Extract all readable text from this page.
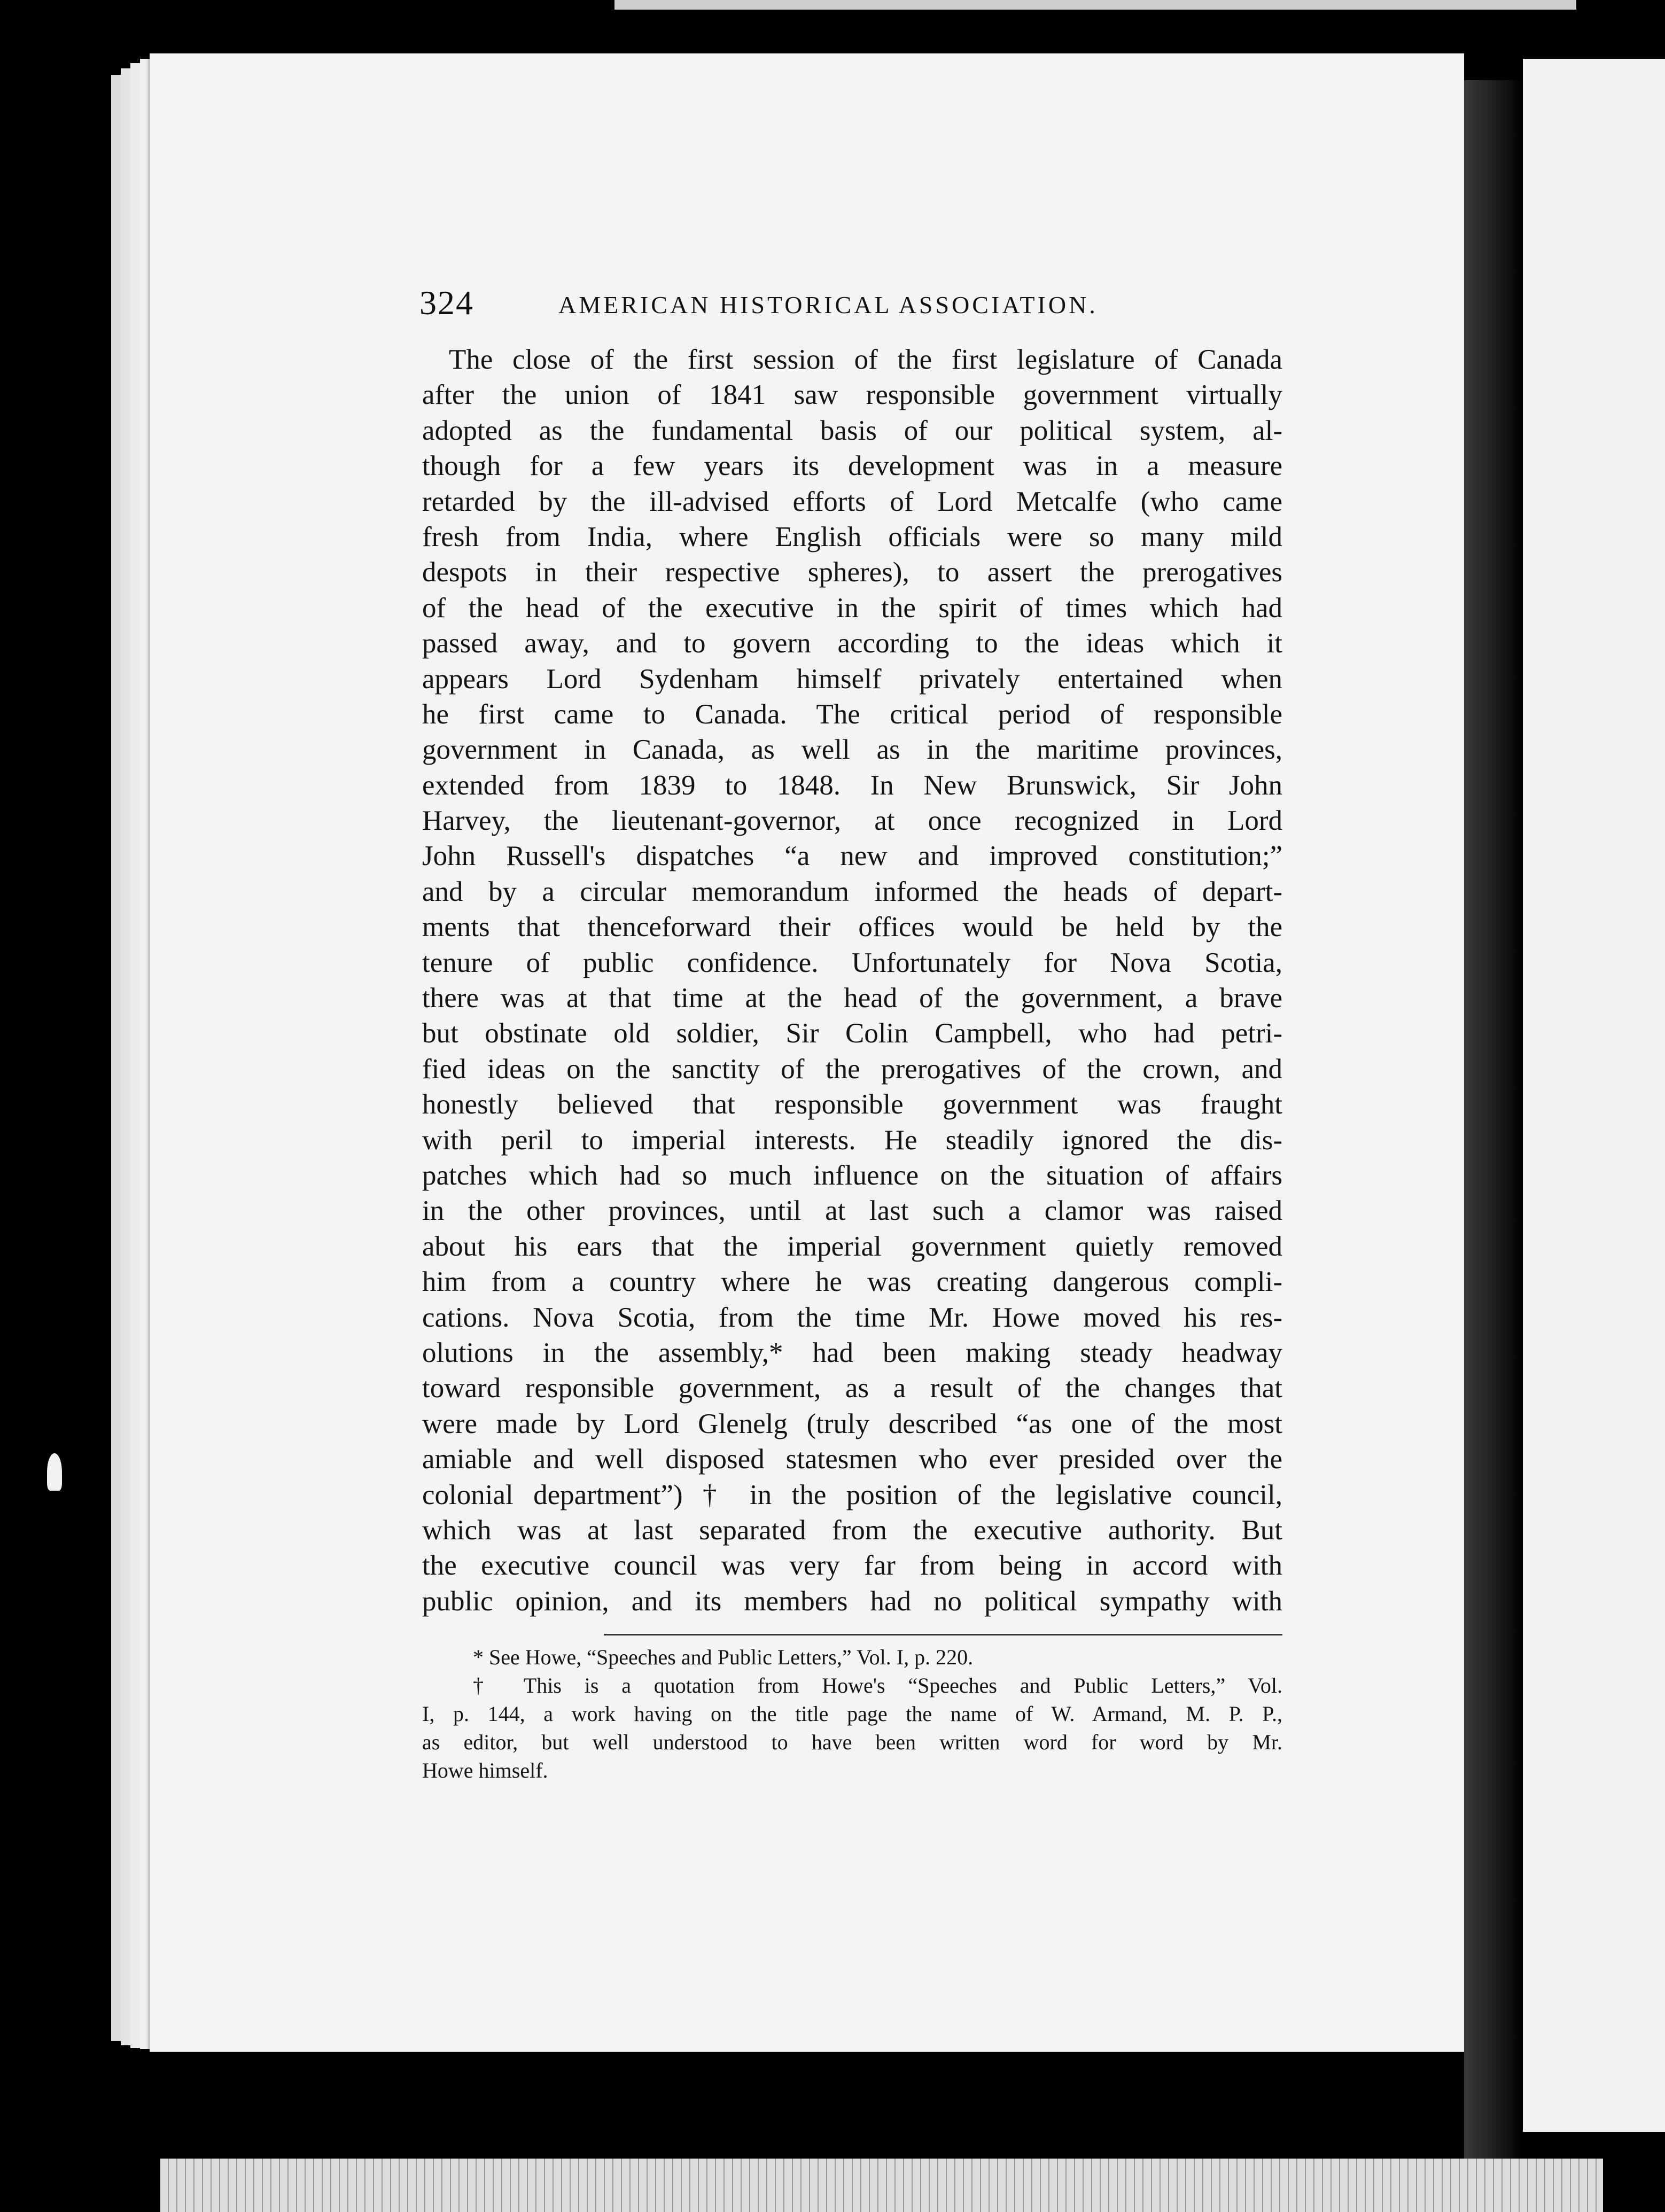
324	AMERICAN HISTORICAL ASSOCIATION.
The close of the first session of the first legislature of Canada
after the union of 1841 saw responsible government virtually
adopted as the fundamental basis of our political system, al-
though for a few years its development was in a measure
retarded by the ill-advised efforts of Lord Metcalfe (who came
fresh from India, where English officials were so many mild
despots in their respective spheres), to assert the prerogatives
of the head of the executive in the spirit of times which had
passed away, and to govern according to the ideas which it
appears Lord Sydenham himself privately entertained when
he first came to Canada. The critical period of responsible
government in Canada, as well as in the maritime provinces,
extended from 1839 to 1848. In New Brunswick, Sir John
Harvey, the lieutenant-governor, at once recognized in Lord
John Russell's dispatches “a new and improved constitution;”
and by a circular memorandum informed the heads of depart-
ments that thenceforward their offices would be held by the
tenure of public confidence. Unfortunately for Nova Scotia,
there was at that time at the head of the government, a brave
but obstinate old soldier, Sir Colin Campbell, who had petri-
fied ideas on the sanctity of the prerogatives of the crown, and
honestly believed that responsible government was fraught
with peril to imperial interests. He steadily ignored the dis-
patches which had so much influence on the situation of affairs
in the other provinces, until at last such a clamor was raised
about his ears that the imperial government quietly removed
him from a country where he was creating dangerous compli-
cations. Nova Scotia, from the time Mr. Howe moved his res-
olutions in the assembly,* had been making steady headway
toward responsible government, as a result of the changes that
were made by Lord Glenelg (truly described “as one of the most
amiable and well disposed statesmen who ever presided over the
colonial department”) † in the position of the legislative council,
which was at last separated from the executive authority. But
the executive council was very far from being in accord with
public opinion, and its members had no political sympathy with
* See Howe, “Speeches and Public Letters,” Vol. I, p. 220.
† This is a quotation from Howe's “Speeches and Public Letters,” Vol.
I, p. 144, a work having on the title page the name of W. Armand, M. P. P.,
as editor, but well understood to have been written word for word by Mr.
Howe himself.
